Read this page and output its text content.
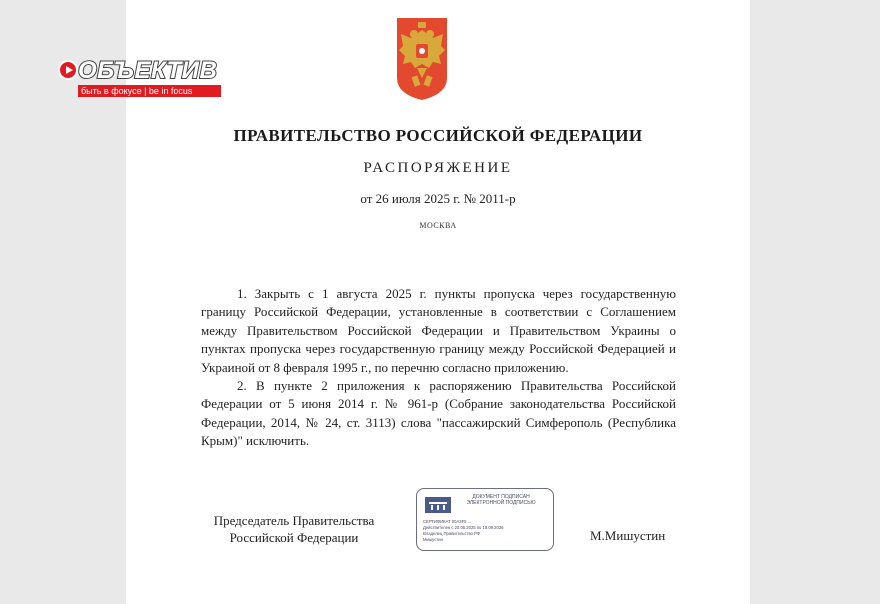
ОБЪЕКТИВ
быть в фокусе | be in focus
ПРАВИТЕЛЬСТВО РОССИЙСКОЙ ФЕДЕРАЦИИ
РАСПОРЯЖЕНИЕ
от 26 июля 2025 г. № 2011-р
МОСКВА

1. Закрыть с 1 августа 2025 г. пункты пропуска через государственную границу Российской Федерации, установленные в соответствии с Соглашением между Правительством Российской Федерации и Правительством Украины о пунктах пропуска через государственную границу между Российской Федерацией и Украиной от 8 февраля 1995 г., по перечню согласно приложению.

2. В пункте 2 приложения к распоряжению Правительства Российской Федерации от 5 июня 2014 г. № 961-р (Собрание законодательства Российской Федерации, 2014, № 24, ст. 3113) слова "пассажирский Симферополь (Республика Крым)" исключить.

Председатель Правительства
Российской Федерации
ДОКУМЕНТ ПОДПИСАН ЭЛЕКТРОННОЙ ПОДПИСЬЮ
СЕРТИФИКАТ 00A3F5 ...
Действителен с 20.06.2025 по 19.09.2026
Владелец Правительство РФ
Мишустин	М.Мишустин
